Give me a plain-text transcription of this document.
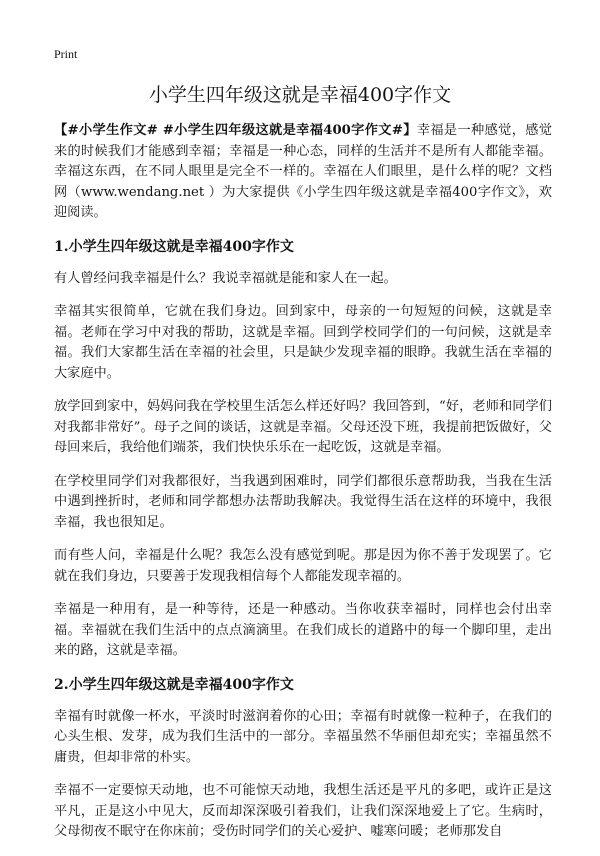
Print
小学生四年级这就是幸福400字作文

【#小学生作文# #小学生四年级这就是幸福400字作文#】幸福是一种感觉，感觉来的时候我们才能感到幸福；幸福是一种心态，同样的生活并不是所有人都能幸福。幸福这东西，在不同人眼里是完全不一样的。幸福在人们眼里，是什么样的呢？文档网（www.wendang.net ）为大家提供《小学生四年级这就是幸福400字作文》，欢迎阅读。

1.小学生四年级这就是幸福400字作文

有人曾经问我幸福是什么？我说幸福就是能和家人在一起。

幸福其实很简单，它就在我们身边。回到家中，母亲的一句短短的问候，这就是幸福。老师在学习中对我的帮助，这就是幸福。回到学校同学们的一句问候，这就是幸福。我们大家都生活在幸福的社会里，只是缺少发现幸福的眼睁。我就生活在幸福的大家庭中。

放学回到家中，妈妈问我在学校里生活怎么样还好吗？我回答到，“好，老师和同学们对我都非常好”。母子之间的谈话，这就是幸福。父母还没下班，我提前把饭做好，父母回来后，我给他们端茶，我们快快乐乐在一起吃饭，这就是幸福。

在学校里同学们对我都很好，当我遇到困难时，同学们都很乐意帮助我，当我在生活中遇到挫折时，老师和同学都想办法帮助我解决。我觉得生活在这样的环境中，我很幸福，我也很知足。

而有些人问，幸福是什么呢？我怎么没有感觉到呢。那是因为你不善于发现罢了。它就在我们身边，只要善于发现我相信每个人都能发现幸福的。

幸福是一种用有，是一种等待，还是一种感动。当你收获幸福时，同样也会付出幸福。幸福就在我们生活中的点点滴滴里。在我们成长的道路中的每一个脚印里，走出来的路，这就是幸福。

2.小学生四年级这就是幸福400字作文

幸福有时就像一杯水，平淡时时滋润着你的心田；幸福有时就像一粒种子，在我们的心头生根、发芽，成为我们生活中的一部分。幸福虽然不华丽但却充实；幸福虽然不庸贵，但却非常的朴实。

幸福不一定要惊天动地，也不可能惊天动地，我想生活还是平凡的多吧，或许正是这平凡，正是这小中见大，反而却深深吸引着我们，让我们深深地爱上了它。生病时，父母彻夜不眠守在你床前；受伤时同学们的关心爱护、嘘寒问暖；老师那发自
